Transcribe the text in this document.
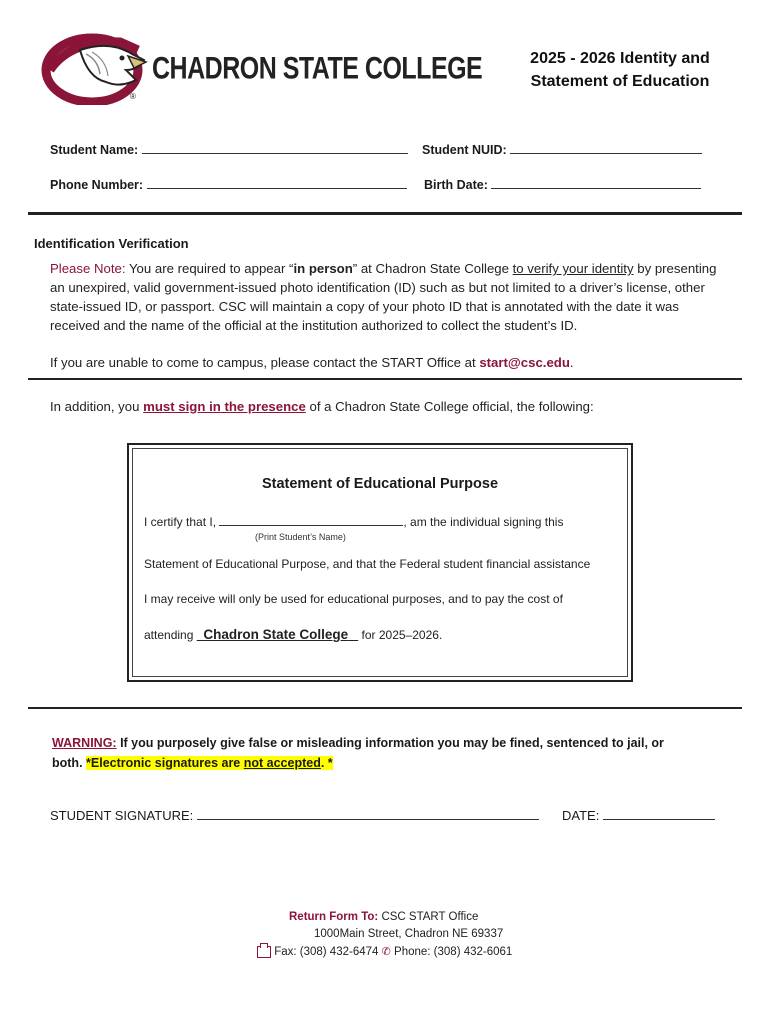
CHADRON STATE COLLEGE
®
2025 - 2026 Identity and
Statement of Education
Student Name:	Student NUID:
Phone Number:	Birth Date:
Identification Verification
Please Note: You are required to appear “in person” at Chadron State College to verify your identity by presenting
an unexpired, valid government-issued photo identification (ID) such as but not limited to a driver’s license, other
state-issued ID, or passport. CSC will maintain a copy of your photo ID that is annotated with the date it was
received and the name of the official at the institution authorized to collect the student’s ID.
If you are unable to come to campus, please contact the START Office at start@csc.edu.
In addition, you must sign in the presence of a Chadron State College official, the following:
Statement of Educational Purpose
I certify that I,	, am the individual signing this
(Print Student’s Name)
Statement of Educational Purpose, and that the Federal student financial assistance
I may receive will only be used for educational purposes, and to pay the cost of
attending Chadron State College for 2025–2026.
WARNING: If you purposely give false or misleading information you may be fined, sentenced to jail, or
both. *Electronic signatures are not accepted. *
STUDENT SIGNATURE:	DATE:
Return Form To: CSC START Office
1000Main Street, Chadron NE 69337
Fax: (308) 432-6474 ✆ Phone: (308) 432-6061
